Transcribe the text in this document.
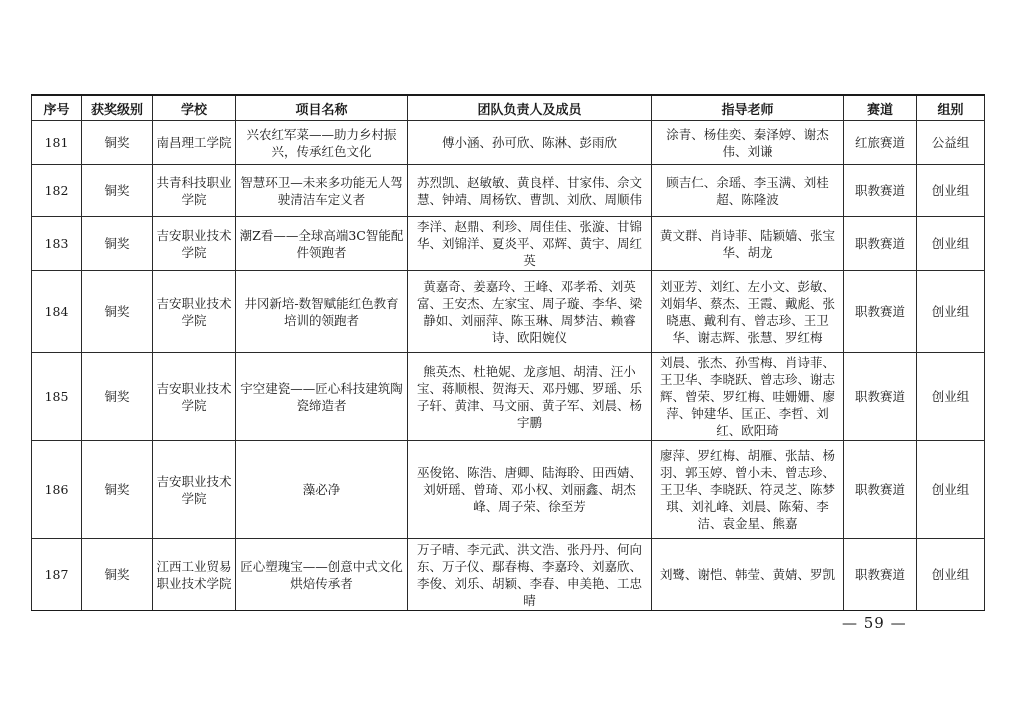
序号	获奖级别	学校	项目名称	团队负责人及成员	指导老师	赛道	组别
181	铜奖	南昌理工学院	兴农红军菜——助力乡村振兴，传承红色文化	傅小涵、孙可欣、陈淋、彭雨欣	涂青、杨佳奕、秦泽婷、谢杰伟、刘谦	红旅赛道	公益组
182	铜奖	共青科技职业学院	智慧环卫—未来多功能无人驾驶清洁车定义者	苏烈凯、赵敏敏、黄良样、甘家伟、佘文慧、钟靖、周杨钦、曹凯、刘欣、周顺伟	顾吉仁、余瑶、李玉满、刘桂超、陈隆波	职教赛道	创业组
183	铜奖	吉安职业技术学院	潮Z看——全球高端3C智能配件领跑者	李洋、赵鼎、利珍、周佳佳、张漩、甘锦华、刘锦洋、夏炎平、邓辉、黄宇、周红英	黄文群、肖诗菲、陆颖嫱、张宝华、胡龙	职教赛道	创业组
184	铜奖	吉安职业技术学院	井冈新培-数智赋能红色教育培训的领跑者	黄嘉奇、姜嘉玲、王峰、邓孝希、刘英富、王安杰、左家宝、周子璇、李华、梁静如、刘丽萍、陈玉琳、周梦洁、赖睿诗、欧阳婉仪	刘亚芳、刘红、左小文、彭敏、刘娟华、蔡杰、王霞、戴彪、张晓惠、戴利有、曾志珍、王卫华、谢志辉、张慧、罗红梅	职教赛道	创业组
185	铜奖	吉安职业技术学院	宇空建瓷——匠心科技建筑陶瓷缔造者	熊英杰、杜艳妮、龙彦旭、胡清、汪小宝、蒋顺根、贺海天、邓丹娜、罗瑶、乐子轩、黄津、马文丽、黄子军、刘晨、杨宇鹏	刘晨、张杰、孙雪梅、肖诗菲、王卫华、李晓跃、曾志珍、谢志辉、曾荣、罗红梅、哇姗姗、廖萍、钟建华、匡正、李哲、刘红、欧阳琦	职教赛道	创业组
186	铜奖	吉安职业技术学院	藻必净	巫俊铭、陈浩、唐卿、陆海聆、田西婧、刘妍瑶、曾琦、邓小权、刘丽鑫、胡杰峰、周子荣、徐至芳	廖萍、罗红梅、胡雁、张喆、杨羽、郭玉婷、曾小未、曾志珍、王卫华、李晓跃、符灵芝、陈梦琪、刘礼峰、刘晨、陈菊、李洁、袁金星、熊嘉	职教赛道	创业组
187	铜奖	江西工业贸易职业技术学院	匠心塑瑰宝——创意中式文化烘焙传承者	万子晴、李元武、洪文浩、张丹丹、何向东、万子仪、鄢春梅、李嘉玲、刘嘉欣、李俊、刘乐、胡颖、李春、申美艳、工忠晴	刘鹭、谢恺、韩莹、黄婧、罗凯	职教赛道	创业组
— 59 —
